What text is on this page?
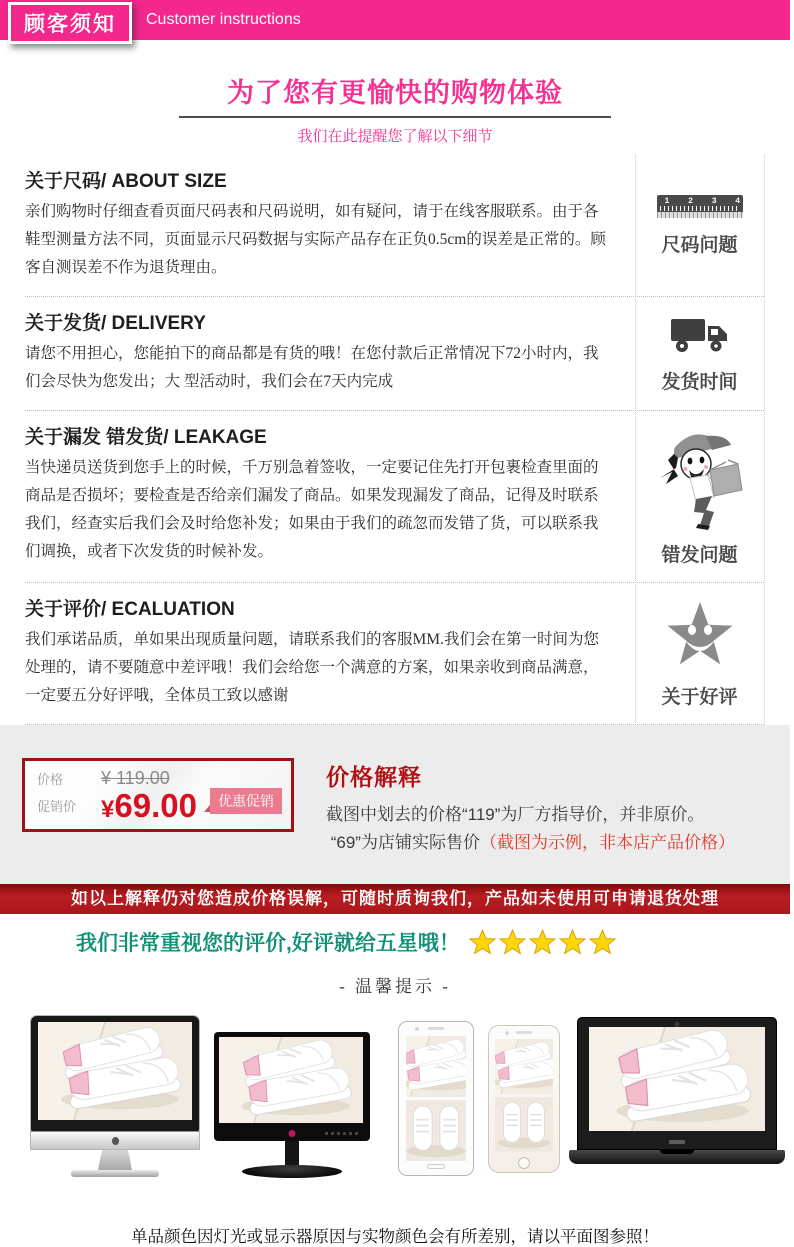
顾客须知	Customer instructions
为了您有更愉快的购物体验
我们在此提醒您了解以下细节
关于尺码/ ABOUT SIZE

亲们购物时仔细查看页面尺码表和尺码说明，如有疑问，请于在线客服联系。由于各鞋型测量方法不同，页面显示尺码数据与实际产品存在正负0.5cm的误差是正常的。顾客自测误差不作为退货理由。

1 2 3 4 5 6
尺码问题
关于发货/ DELIVERY

请您不用担心，您能拍下的商品都是有货的哦！在您付款后正常情况下72小时内，我们会尽快为您发出；大 型活动时，我们会在7天内完成	发货时间
关于漏发 错发货/ LEAKAGE

当快递员送货到您手上的时候，千万别急着签收，一定要记住先打开包裹检查里面的商品是否损坏；要检查是否给亲们漏发了商品。如果发现漏发了商品，记得及时联系我们，经查实后我们会及时给您补发；如果由于我们的疏忽而发错了货，可以联系我们调换，或者下次发货的时候补发。	错发问题
关于评价/ ECALUATION

我们承诺品质，单如果出现质量问题，请联系我们的客服MM.我们会在第一时间为您处理的，请不要随意中差评哦！我们会给您一个满意的方案，如果亲收到商品满意，一定要五分好评哦，全体员工致以感谢	关于好评
价格	¥ 119.00
促销价	¥69.00	优惠促销
价格解释

截图中划去的价格“119”为厂方指导价，并非原价。

“69”为店铺实际售价（截图为示例，非本店产品价格）

如以上解释仍对您造成价格误解，可随时质询我们，产品如未使用可申请退货处理
我们非常重视您的评价,好评就给五星哦！
- 温馨提示 -
单品颜色因灯光或显示器原因与实物颜色会有所差别，请以平面图参照！
